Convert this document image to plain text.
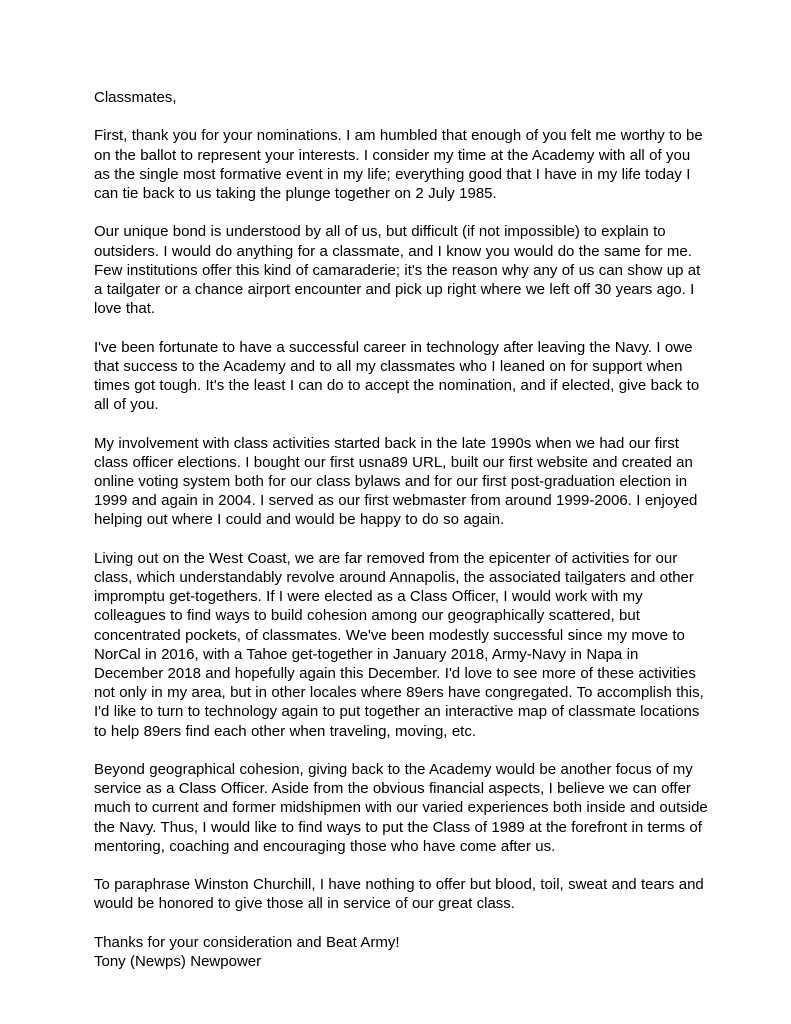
Classmates,

First, thank you for your nominations. I am humbled that enough of you felt me worthy to be on the ballot to represent your interests. I consider my time at the Academy with all of you as the single most formative event in my life; everything good that I have in my life today I can tie back to us taking the plunge together on 2 July 1985.

Our unique bond is understood by all of us, but difficult (if not impossible) to explain to outsiders. I would do anything for a classmate, and I know you would do the same for me. Few institutions offer this kind of camaraderie; it's the reason why any of us can show up at a tailgater or a chance airport encounter and pick up right where we left off 30 years ago. I love that.

I've been fortunate to have a successful career in technology after leaving the Navy. I owe that success to the Academy and to all my classmates who I leaned on for support when times got tough. It's the least I can do to accept the nomination, and if elected, give back to all of you.

My involvement with class activities started back in the late 1990s when we had our first class officer elections. I bought our first usna89 URL, built our first website and created an online voting system both for our class bylaws and for our first post-graduation election in 1999 and again in 2004. I served as our first webmaster from around 1999-2006. I enjoyed helping out where I could and would be happy to do so again.

Living out on the West Coast, we are far removed from the epicenter of activities for our class, which understandably revolve around Annapolis, the associated tailgaters and other impromptu get-togethers. If I were elected as a Class Officer, I would work with my colleagues to find ways to build cohesion among our geographically scattered, but concentrated pockets, of classmates. We've been modestly successful since my move to NorCal in 2016, with a Tahoe get-together in January 2018, Army-Navy in Napa in December 2018 and hopefully again this December. I'd love to see more of these activities not only in my area, but in other locales where 89ers have congregated. To accomplish this, I'd like to turn to technology again to put together an interactive map of classmate locations to help 89ers find each other when traveling, moving, etc.

Beyond geographical cohesion, giving back to the Academy would be another focus of my service as a Class Officer. Aside from the obvious financial aspects, I believe we can offer much to current and former midshipmen with our varied experiences both inside and outside the Navy. Thus, I would like to find ways to put the Class of 1989 at the forefront in terms of mentoring, coaching and encouraging those who have come after us.

To paraphrase Winston Churchill, I have nothing to offer but blood, toil, sweat and tears and would be honored to give those all in service of our great class.

Thanks for your consideration and Beat Army!

Tony (Newps) Newpower
